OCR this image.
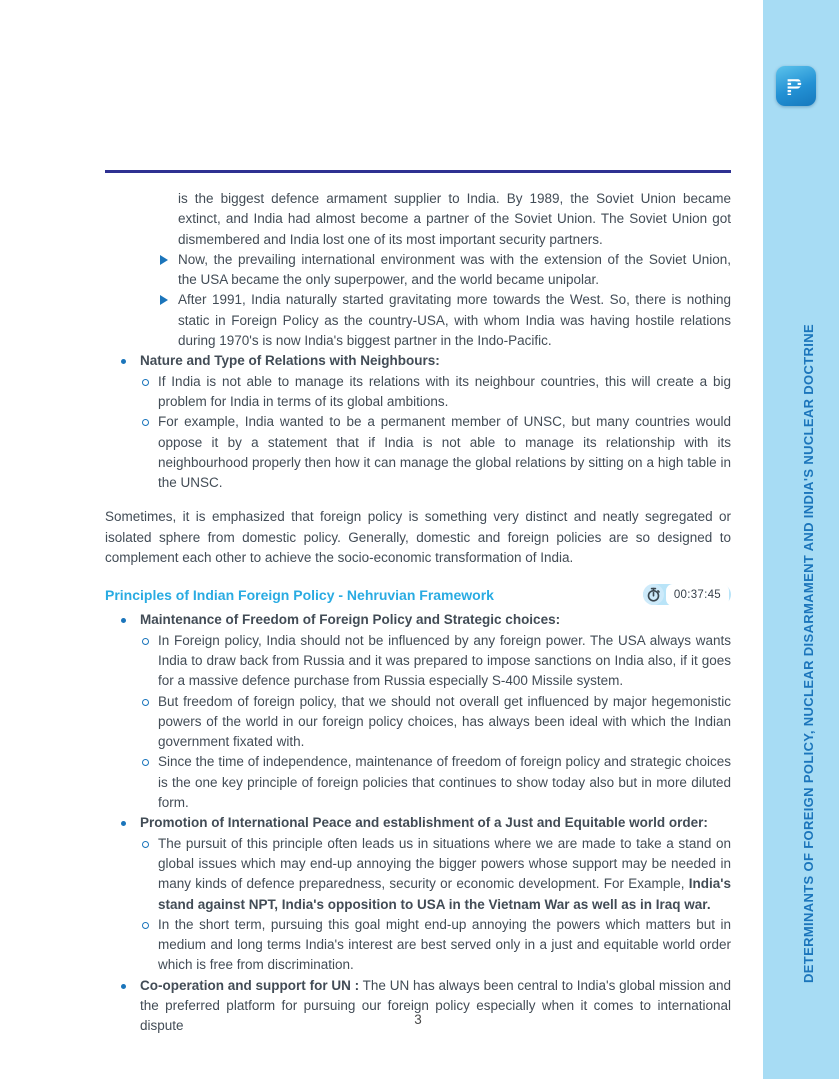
P
DETERMINANTS OF FOREIGN POLICY, NUCLEAR DISARMAMENT AND INDIA'S NUCLEAR DOCTRINE
is the biggest defence armament supplier to India. By 1989, the Soviet Union became extinct, and India had almost become a partner of the Soviet Union. The Soviet Union got dismembered and India lost one of its most important security partners.
Now, the prevailing international environment was with the extension of the Soviet Union, the USA became the only superpower, and the world became unipolar.
After 1991, India naturally started gravitating more towards the West. So, there is nothing static in Foreign Policy as the country-USA, with whom India was having hostile relations during 1970's is now India's biggest partner in the Indo-Pacific.
Nature and Type of Relations with Neighbours:
If India is not able to manage its relations with its neighbour countries, this will create a big problem for India in terms of its global ambitions.
For example, India wanted to be a permanent member of UNSC, but many countries would oppose it by a statement that if India is not able to manage its relationship with its neighbourhood properly then how it can manage the global relations by sitting on a high table in the UNSC.
Sometimes, it is emphasized that foreign policy is something very distinct and neatly segregated or isolated sphere from domestic policy. Generally, domestic and foreign policies are so designed to complement each other to achieve the socio-economic transformation of India.
Principles of Indian Foreign Policy - Nehruvian Framework	00:37:45
Maintenance of Freedom of Foreign Policy and Strategic choices:
In Foreign policy, India should not be influenced by any foreign power. The USA always wants India to draw back from Russia and it was prepared to impose sanctions on India also, if it goes for a massive defence purchase from Russia especially S-400 Missile system.
But freedom of foreign policy, that we should not overall get influenced by major hegemonistic powers of the world in our foreign policy choices, has always been ideal with which the Indian government fixated with.
Since the time of independence, maintenance of freedom of foreign policy and strategic choices is the one key principle of foreign policies that continues to show today also but in more diluted form.
Promotion of International Peace and establishment of a Just and Equitable world order:
The pursuit of this principle often leads us in situations where we are made to take a stand on global issues which may end-up annoying the bigger powers whose support may be needed in many kinds of defence preparedness, security or economic development. For Example, India's stand against NPT, India's opposition to USA in the Vietnam War as well as in Iraq war.
In the short term, pursuing this goal might end-up annoying the powers which matters but in medium and long terms India's interest are best served only in a just and equitable world order which is free from discrimination.
Co-operation and support for UN : The UN has always been central to India's global mission and the preferred platform for pursuing our foreign policy especially when it comes to international dispute	3
